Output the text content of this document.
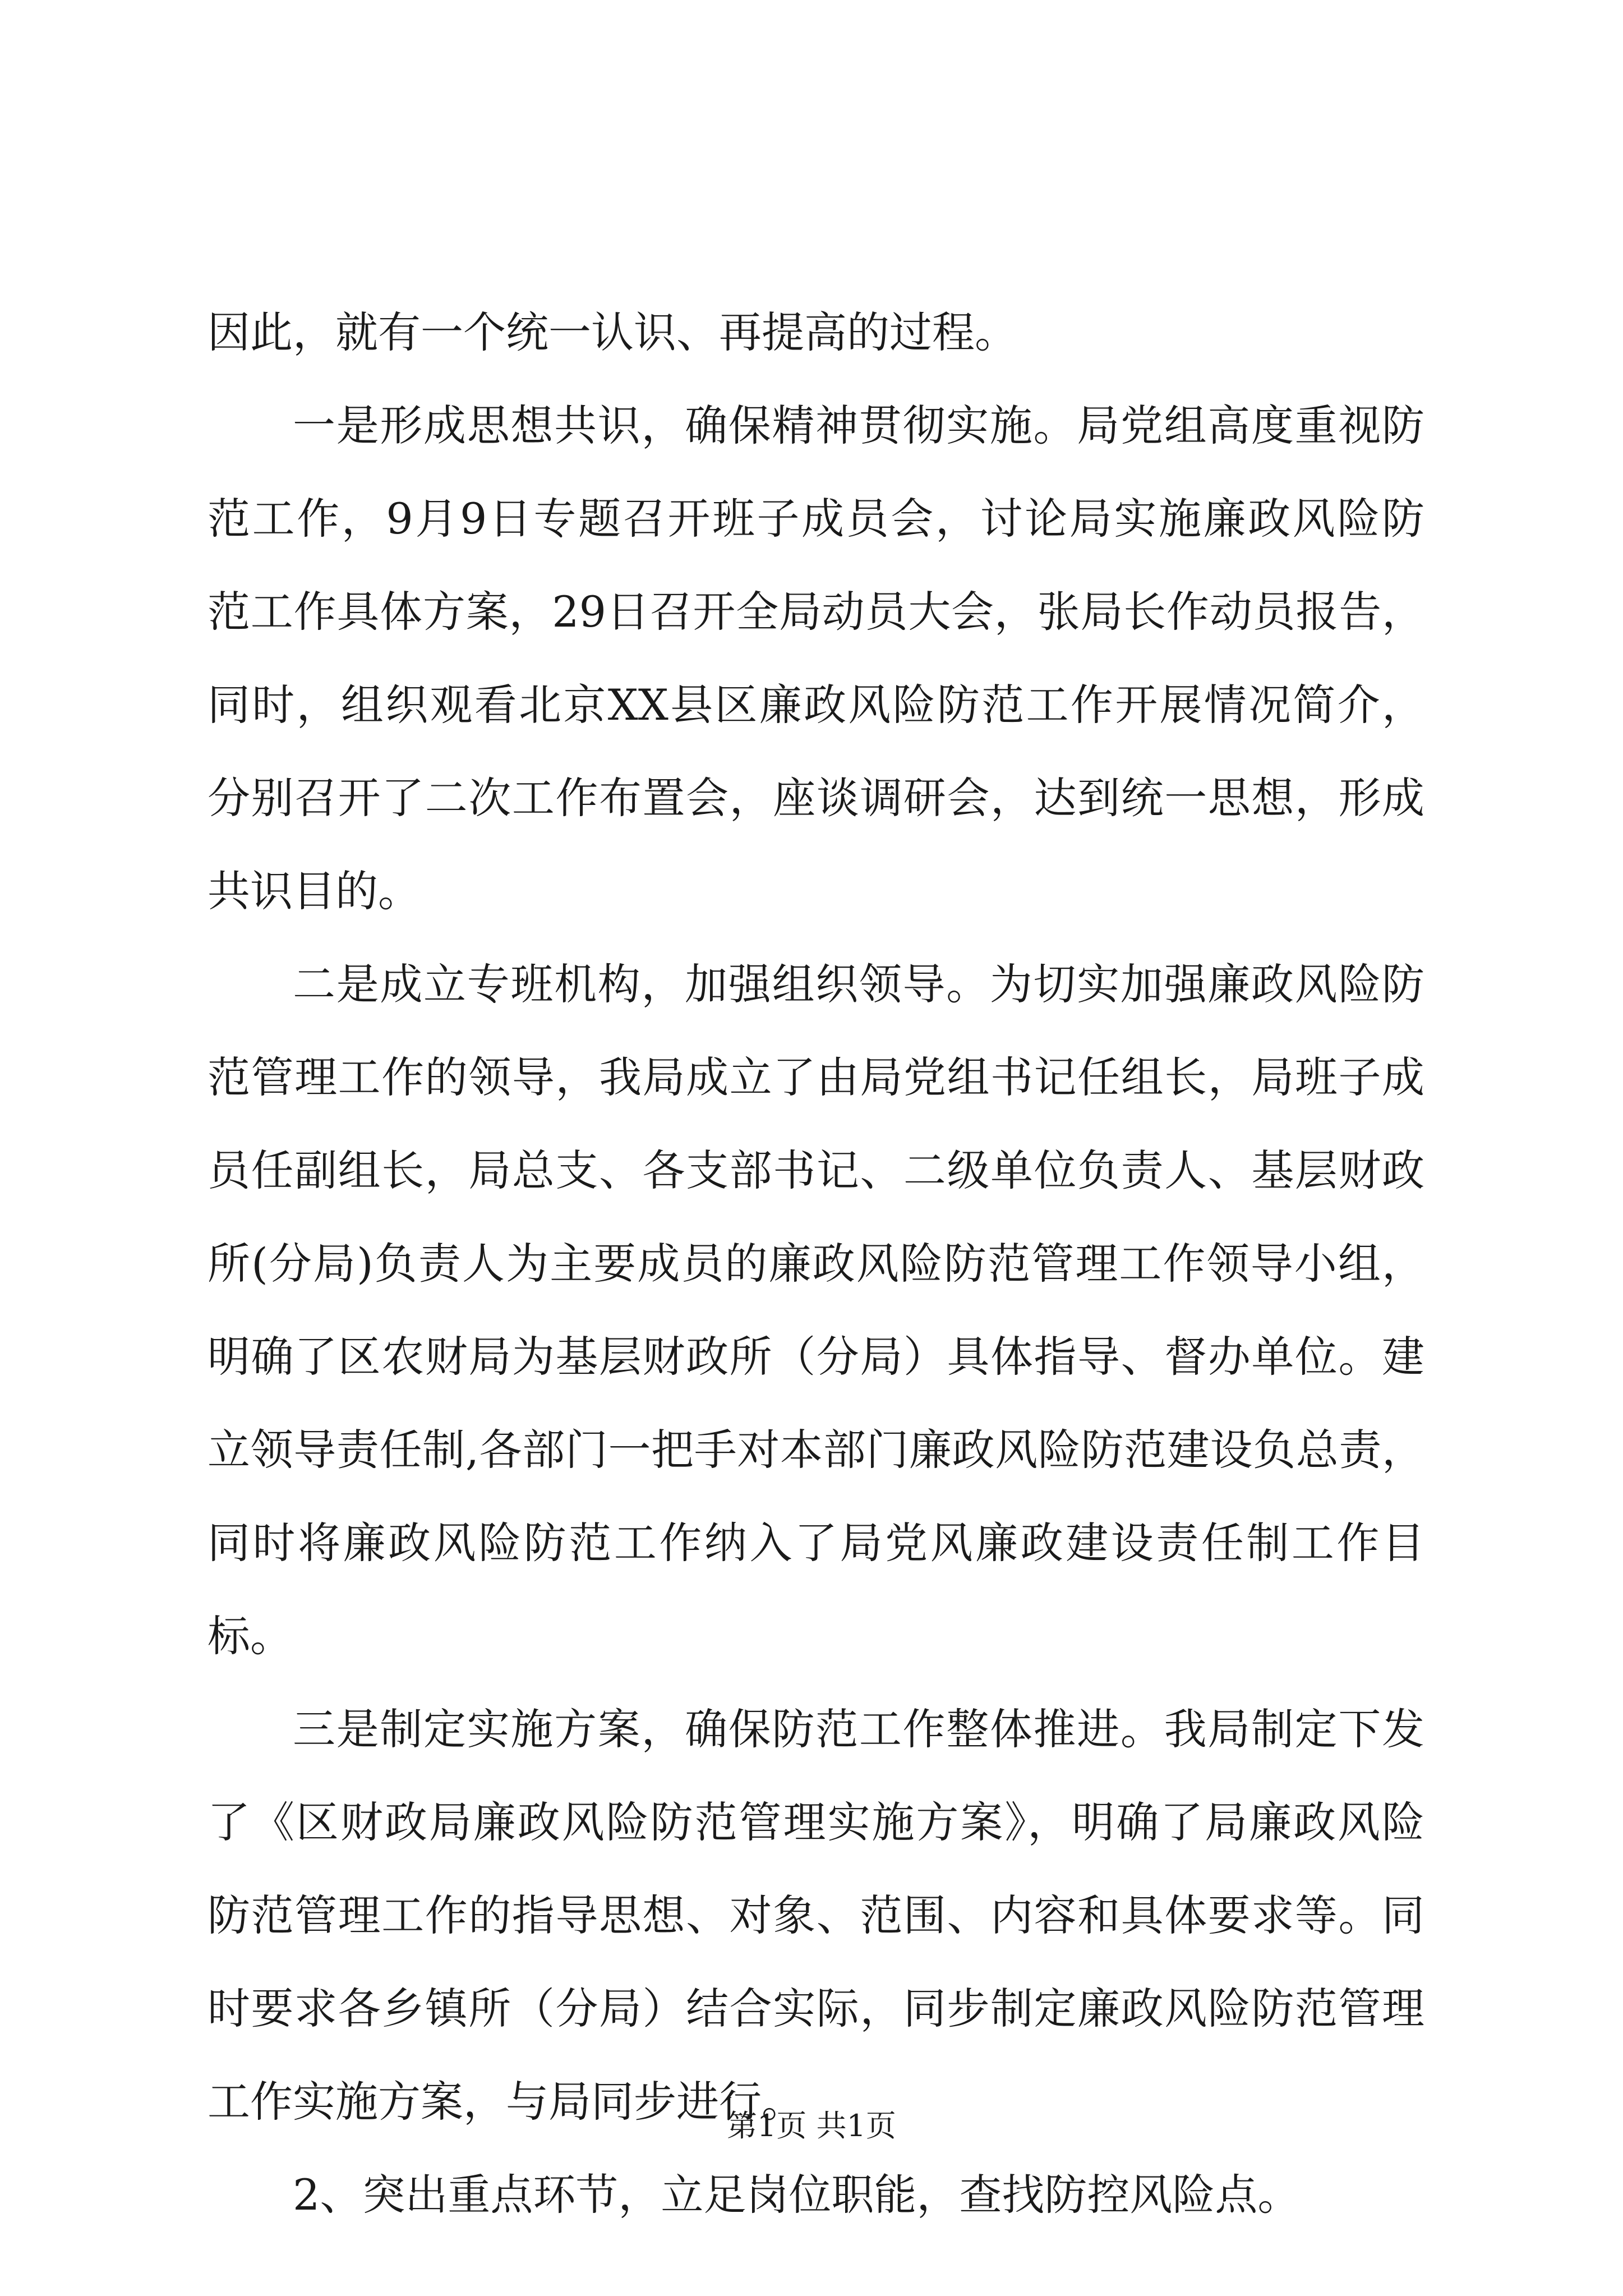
因此，就有一个统一认识、再提高的过程。
一是形成思想共识，确保精神贯彻实施。局党组高度重视防
范工作，9月9日专题召开班子成员会，讨论局实施廉政风险防
范工作具体方案，29日召开全局动员大会，张局长作动员报告，
同时，组织观看北京XX县区廉政风险防范工作开展情况简介，
分别召开了二次工作布置会，座谈调研会，达到统一思想，形成
共识目的。
二是成立专班机构，加强组织领导。为切实加强廉政风险防
范管理工作的领导，我局成立了由局党组书记任组长，局班子成
员任副组长，局总支、各支部书记、二级单位负责人、基层财政
所(分局)负责人为主要成员的廉政风险防范管理工作领导小组，
明确了区农财局为基层财政所（分局）具体指导、督办单位。建
立领导责任制,各部门一把手对本部门廉政风险防范建设负总责，
同时将廉政风险防范工作纳入了局党风廉政建设责任制工作目
标。
三是制定实施方案，确保防范工作整体推进。我局制定下发
了《区财政局廉政风险防范管理实施方案》，明确了局廉政风险
防范管理工作的指导思想、对象、范围、内容和具体要求等。同
时要求各乡镇所（分局）结合实际，同步制定廉政风险防范管理
工作实施方案，与局同步进行。
2、突出重点环节，立足岗位职能，查找防控风险点。
第1页 共1页
